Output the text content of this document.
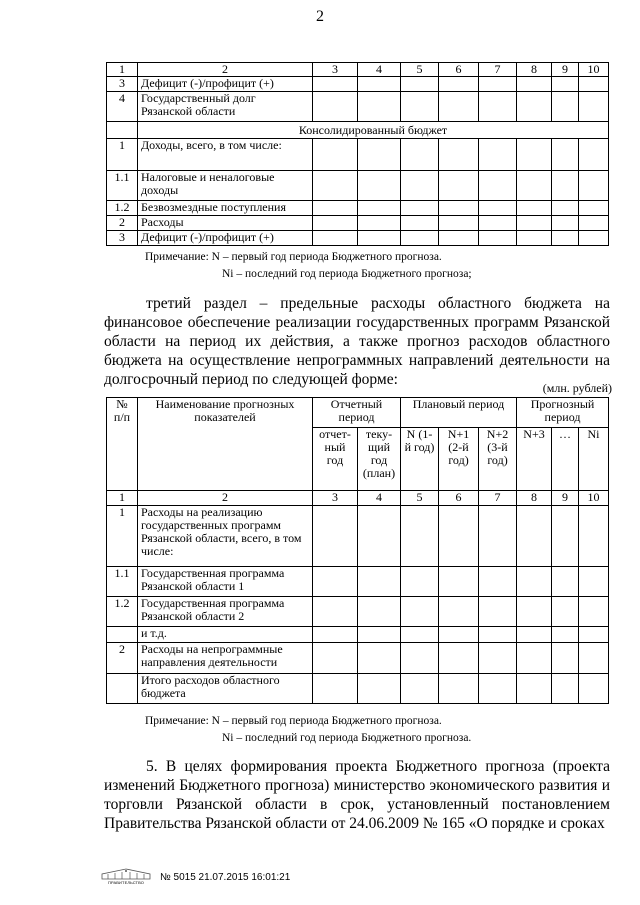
2
1	2	3	4	5	6	7	8	9	10
3	Дефицит (-)/профицит (+)								
4	Государственный долг Рязанской области								
	Консолидированный бюджет								
1	Доходы, всего, в том числе:								
1.1	Налоговые и неналоговые доходы								
1.2	Безвозмездные поступления								
2	Расходы								
3	Дефицит (-)/профицит (+)								
Примечание: N – первый год периода Бюджетного прогноза.
Ni – последний год периода Бюджетного прогноза;
третий раздел – предельные расходы областного бюджета на финансовое обеспечение реализации государственных программ Рязанской области на период их действия, а также прогноз расходов областного бюджета на осуществление непрограммных направлений деятельности на долгосрочный период по следующей форме:	(млн. рублей)
№ п/п	Наименование прогнозных показателей	Отчетный период		Плановый период			Прогнозный период		
		отчет- ный год	теку- щий год (план)	N (1-й год)	N+1 (2-й год)	N+2 (3-й год)	N+3	…	Ni
1	2	3	4	5	6	7	8	9	10
1	Расходы на реализацию государственных программ Рязанской области, всего, в том числе:								
1.1	Государственная программа Рязанской области 1								
1.2	Государственная программа Рязанской области 2								
	и т.д.								
2	Расходы на непрограммные направления деятельности								
	Итого расходов областного бюджета								
Примечание: N – первый год периода Бюджетного прогноза.
Ni – последний год периода Бюджетного прогноза.
5. В целях формирования проекта Бюджетного прогноза (проекта изменений Бюджетного прогноза) министерство экономического развития и торговли Рязанской области в срок, установленный постановлением Правительства Рязанской области от 24.06.2009 № 165 «О порядке и сроках
ПРАВИТЕЛЬСТВО № 5015 21.07.2015 16:01:21
